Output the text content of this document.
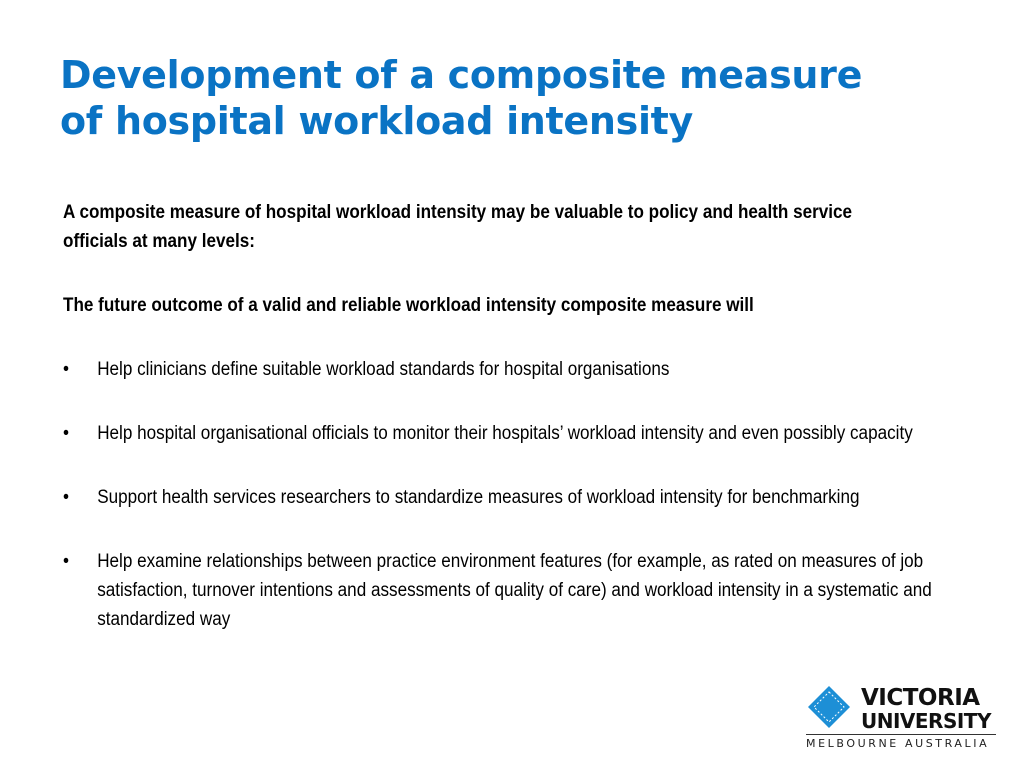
Development of a composite measure
of hospital workload intensity

A composite measure of hospital workload intensity may be valuable to policy and health service officials at many levels:

The future outcome of a valid and reliable workload intensity composite measure will

• Help clinicians define suitable workload standards for hospital organisations
• Help hospital organisational officials to monitor their hospitals’ workload intensity and even possibly capacity
• Support health services researchers to standardize measures of workload intensity for benchmarking
• Help examine relationships between practice environment features (for example, as rated on measures of job satisfaction, turnover intentions and assessments of quality of care) and workload intensity in a systematic and standardized way
VICTORIA
UNIVERSITY
MELBOURNE AUSTRALIA
